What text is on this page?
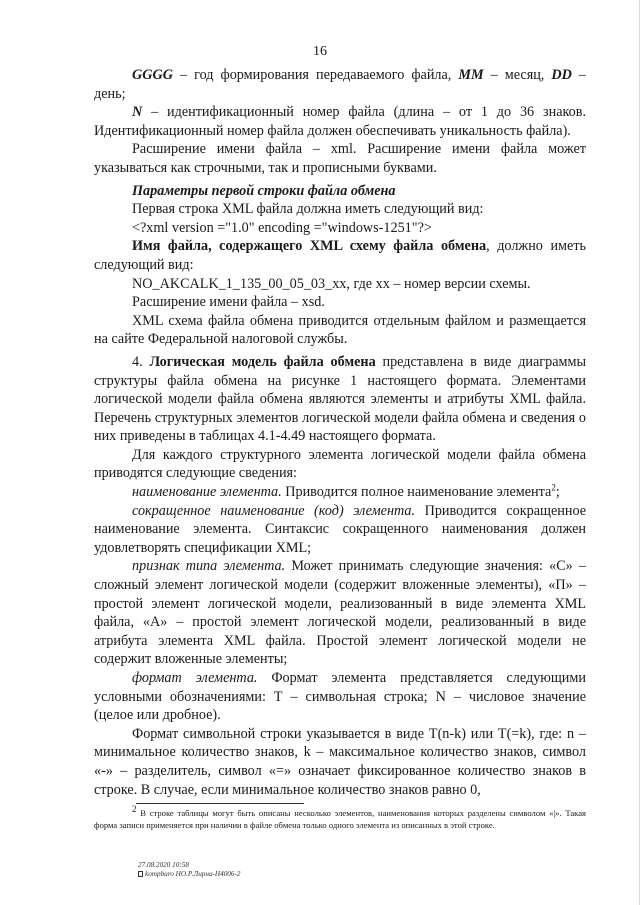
16

GGGG – год формирования передаваемого файла, MM – месяц, DD – день;

N – идентификационный номер файла (длина – от 1 до 36 знаков. Идентификационный номер файла должен обеспечивать уникальность файла).

Расширение имени файла – xml. Расширение имени файла может указываться как строчными, так и прописными буквами.

Параметры первой строки файла обмена

Первая строка XML файла должна иметь следующий вид:

<?xml version ="1.0" encoding ="windows-1251"?>

Имя файла, содержащего XML схему файла обмена, должно иметь следующий вид:

NO_AKCALK_1_135_00_05_03_xx, где хх – номер версии схемы.

Расширение имени файла – xsd.

XML схема файла обмена приводится отдельным файлом и размещается на сайте Федеральной налоговой службы.

4. Логическая модель файла обмена представлена в виде диаграммы структуры файла обмена на рисунке 1 настоящего формата. Элементами логической модели файла обмена являются элементы и атрибуты XML файла. Перечень структурных элементов логической модели файла обмена и сведения о них приведены в таблицах 4.1-4.49 настоящего формата.

Для каждого структурного элемента логической модели файла обмена приводятся следующие сведения:

наименование элемента. Приводится полное наименование элемента$^2$;

сокращенное наименование (код) элемента. Приводится сокращенное наименование элемента. Синтаксис сокращенного наименования должен удовлетворять спецификации XML;

признак типа элемента. Может принимать следующие значения: «С» – сложный элемент логической модели (содержит вложенные элементы), «П» – простой элемент логической модели, реализованный в виде элемента XML файла, «А» – простой элемент логической модели, реализованный в виде атрибута элемента XML файла. Простой элемент логической модели не содержит вложенные элементы;

формат элемента. Формат элемента представляется следующими условными обозначениями: Т – символьная строка; N – числовое значение (целое или дробное).

Формат символьной строки указывается в виде Т(n-k) или Т(=k), где: n – минимальное количество знаков, k – максимальное количество знаков, символ «-» – разделитель, символ «=» означает фиксированное количество знаков в строке. В случае, если минимальное количество знаков равно 0,

$^2$ В строке таблицы могут быть описаны несколько элементов, наименования которых разделены символом «|». Такая форма записи применяется при наличии в файле обмена только одного элемента из описанных в этой строке.

27.08.2020 10:58
kompburo НО.Р.Лирна-Н4006-2
